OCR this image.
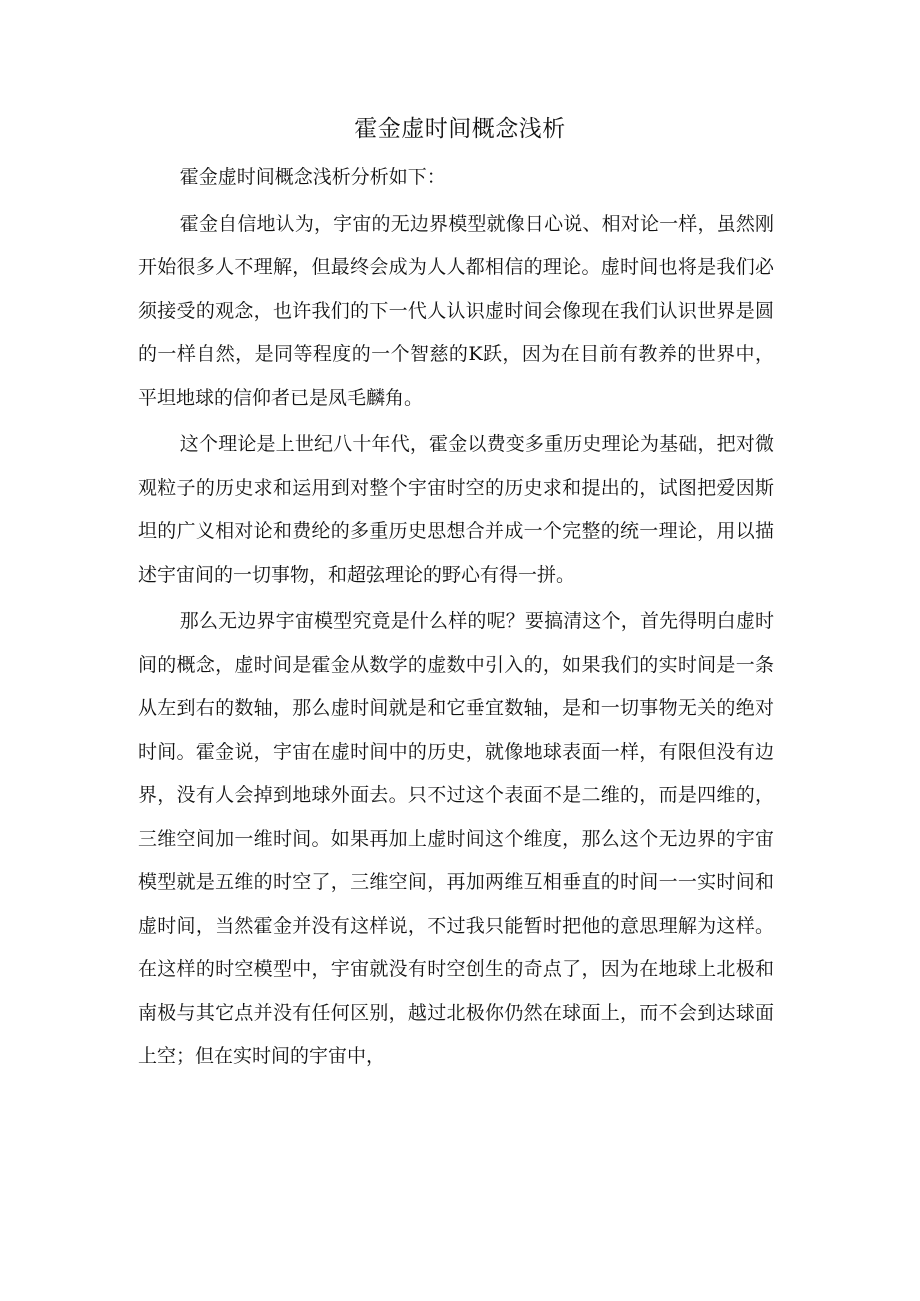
霍金虚时间概念浅析

霍金虚时间概念浅析分析如下：

霍金自信地认为，宇宙的无边界模型就像日心说、相对论一样，虽然刚开始很多人不理解，但最终会成为人人都相信的理论。虚时间也将是我们必须接受的观念，也许我们的下一代人认识虚时间会像现在我们认识世界是圆的一样自然，是同等程度的一个智慈的K跃，因为在目前有教养的世界中，平坦地球的信仰者已是凤毛麟角。

这个理论是上世纪八十年代，霍金以费变多重历史理论为基础，把对微观粒子的历史求和运用到对整个宇宙时空的历史求和提出的，试图把爱因斯坦的广义相对论和费纶的多重历史思想合并成一个完整的统一理论，用以描述宇宙间的一切事物，和超弦理论的野心有得一拼。

那么无边界宇宙模型究竟是什么样的呢？要搞清这个，首先得明白虚时间的概念，虚时间是霍金从数学的虚数中引入的，如果我们的实时间是一条从左到右的数轴，那么虚时间就是和它垂宜数轴，是和一切事物无关的绝对时间。霍金说，宇宙在虚时间中的历史，就像地球表面一样，有限但没有边界，没有人会掉到地球外面去。只不过这个表面不是二维的，而是四维的，三维空间加一维时间。如果再加上虚时间这个维度，那么这个无边界的宇宙模型就是五维的时空了，三维空间，再加两维互相垂直的时间一一实时间和虚时间，当然霍金并没有这样说，不过我只能暂时把他的意思理解为这样。在这样的时空模型中，宇宙就没有时空创生的奇点了，因为在地球上北极和南极与其它点并没有任何区别，越过北极你仍然在球面上，而不会到达球面上空；但在实时间的宇宙中，
